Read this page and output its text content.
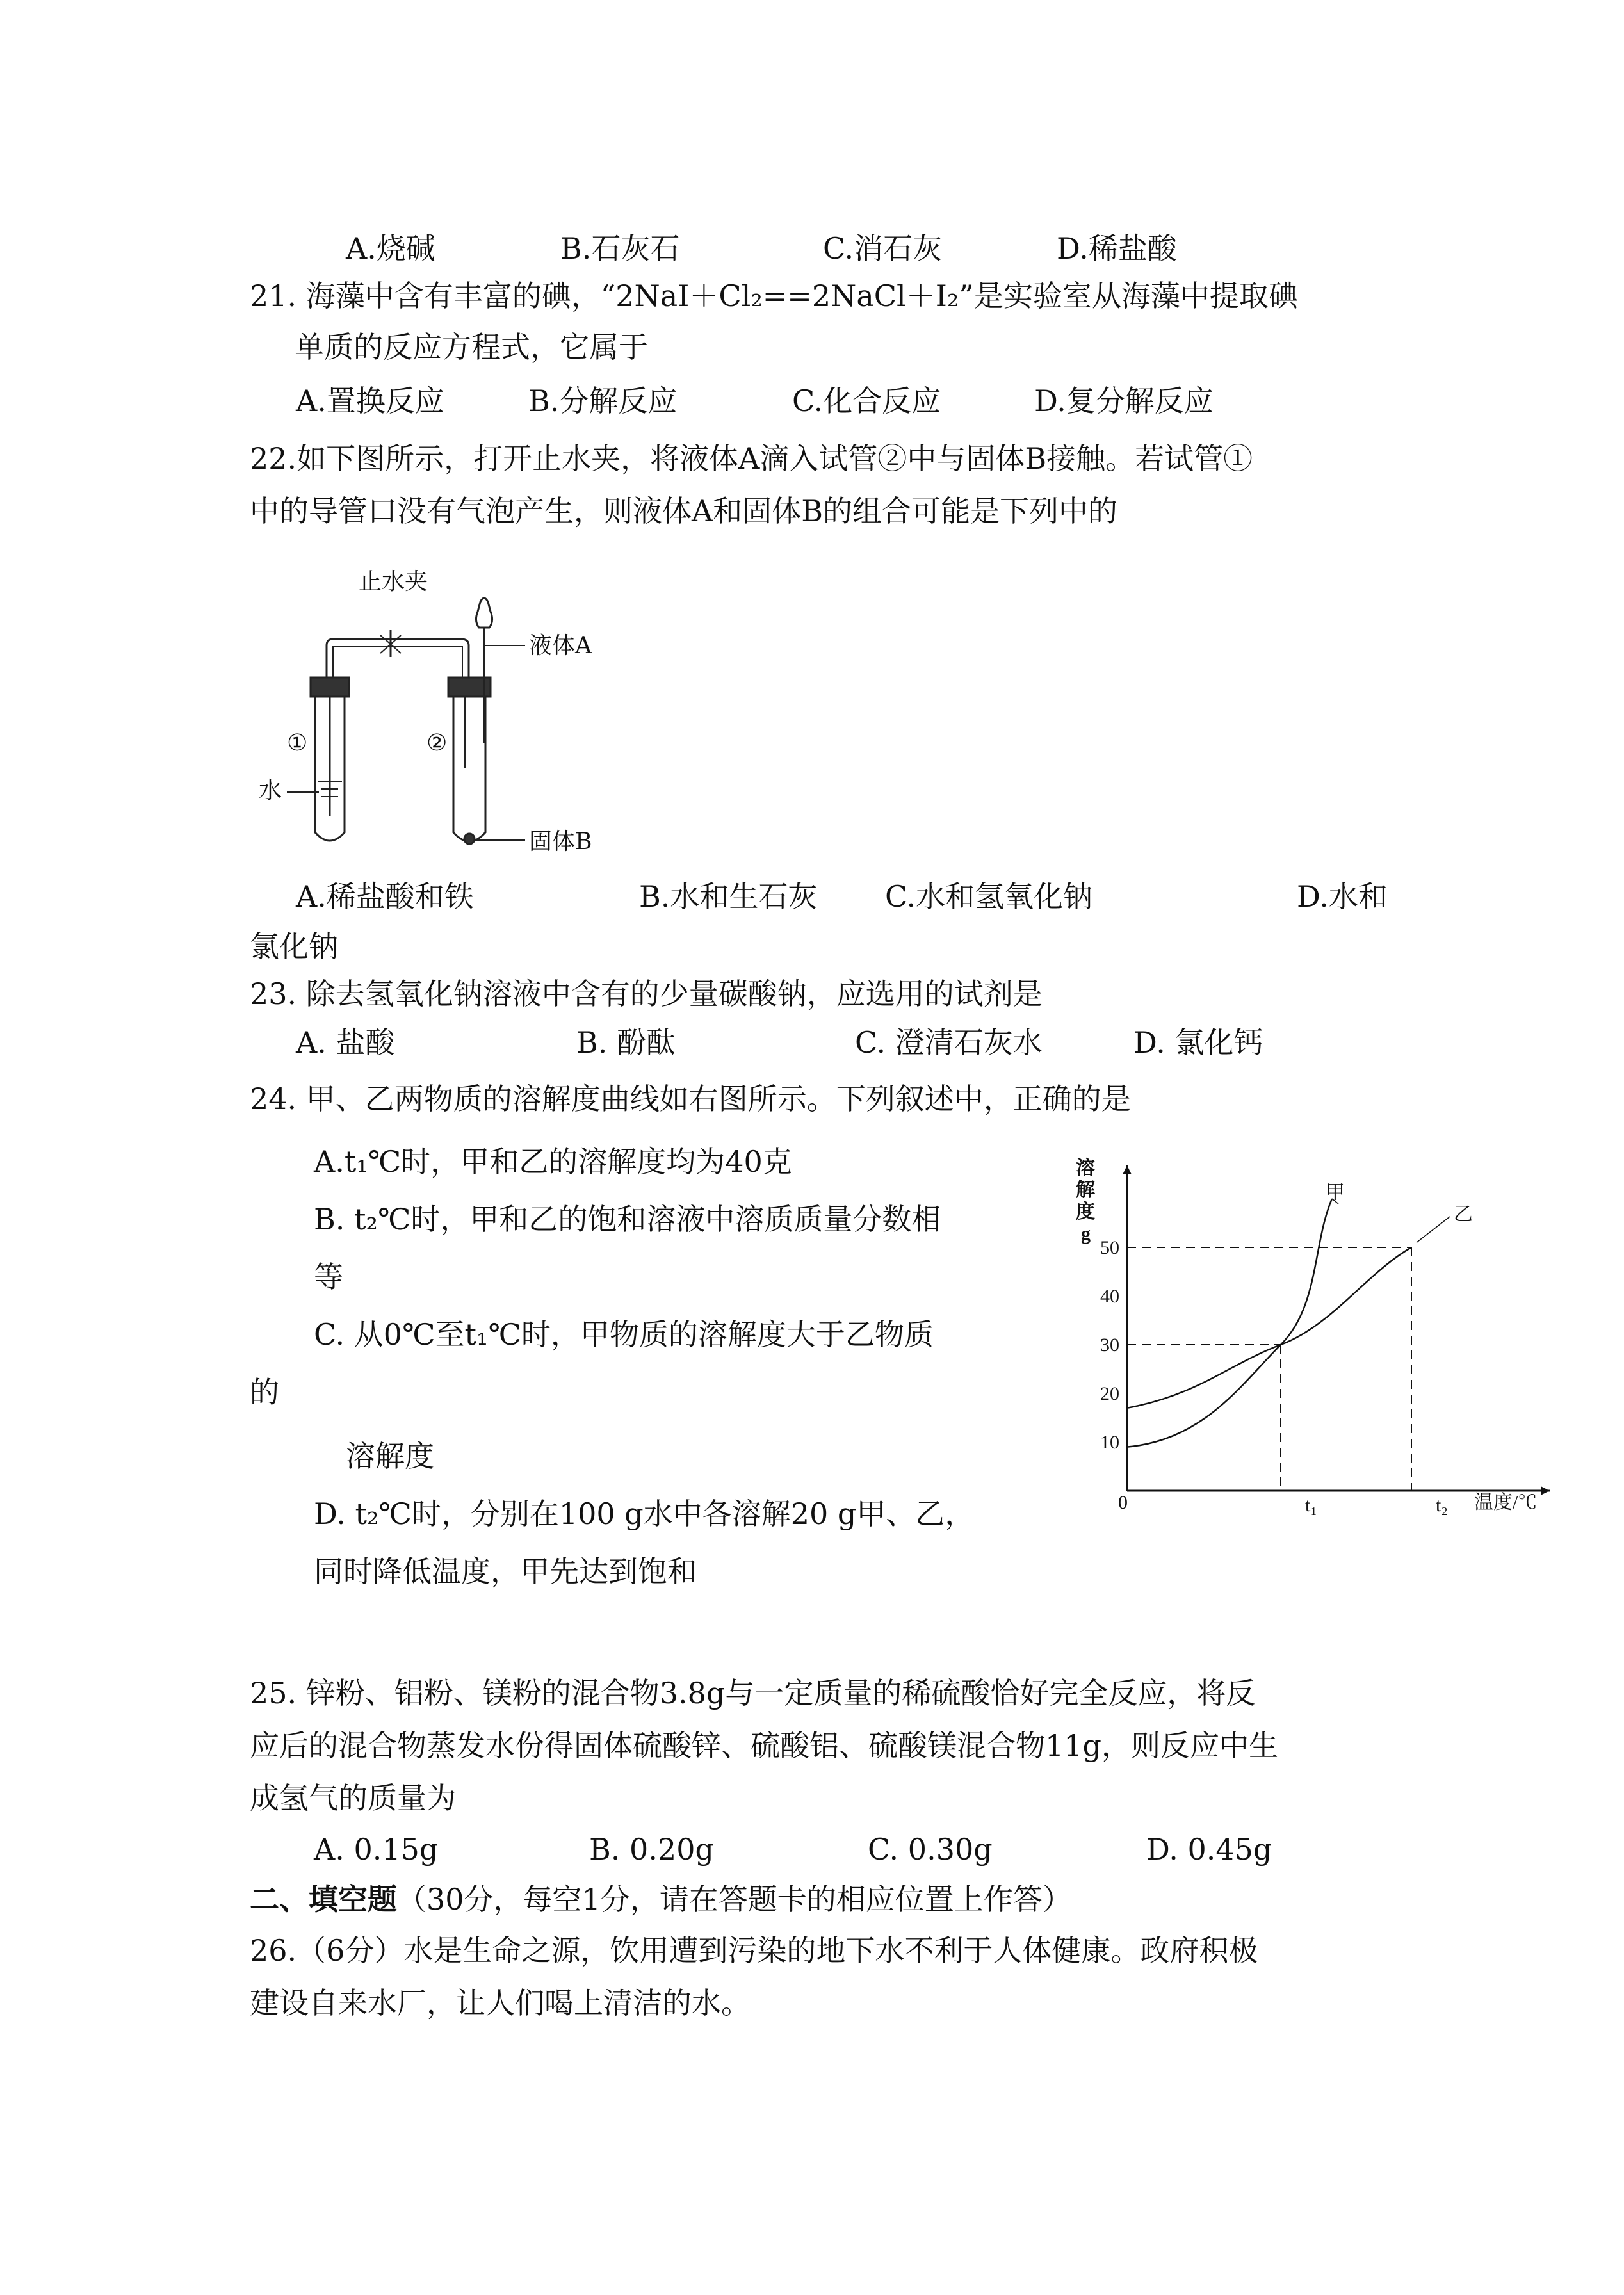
A.烧碱	B.石灰石	C.消石灰	D.稀盐酸
21. 海藻中含有丰富的碘，“2NaI＋Cl₂==2NaCl＋I₂”是实验室从海藻中提取碘
单质的反应方程式，它属于
A.置换反应	B.分解反应	C.化合反应	D.复分解反应
22.如下图所示，打开止水夹，将液体A滴入试管②中与固体B接触。若试管①
中的导管口没有气泡产生，则液体A和固体B的组合可能是下列中的
止水夹
液体A
①	②
水
固体B
A.稀盐酸和铁	B.水和生石灰 C.水和氢氧化钠	D.水和
氯化钠
23. 除去氢氧化钠溶液中含有的少量碳酸钠，应选用的试剂是
A. 盐酸	B. 酚酞	C. 澄清石灰水	D. 氯化钙
24. 甲、乙两物质的溶解度曲线如右图所示。下列叙述中，正确的是
A.t₁℃时，甲和乙的溶解度均为40克
B. t₂℃时，甲和乙的饱和溶液中溶质质量分数相
等
C. 从0℃至t₁℃时，甲物质的溶解度大于乙物质
的
溶解度
D. t₂℃时，分别在100 g水中各溶解20 g甲、乙，
同时降低温度，甲先达到饱和
溶
解
度
g
50
40
30
20
10
0	t₁	t₂ 温度/℃
甲
乙
25. 锌粉、铝粉、镁粉的混合物3.8g与一定质量的稀硫酸恰好完全反应，将反
应后的混合物蒸发水份得固体硫酸锌、硫酸铝、硫酸镁混合物11g，则反应中生
成氢气的质量为
A. 0.15g	B. 0.20g	C. 0.30g	D. 0.45g
二、填空题（30分，每空1分，请在答题卡的相应位置上作答）
26.（6分）水是生命之源，饮用遭到污染的地下水不利于人体健康。政府积极
建设自来水厂，让人们喝上清洁的水。
